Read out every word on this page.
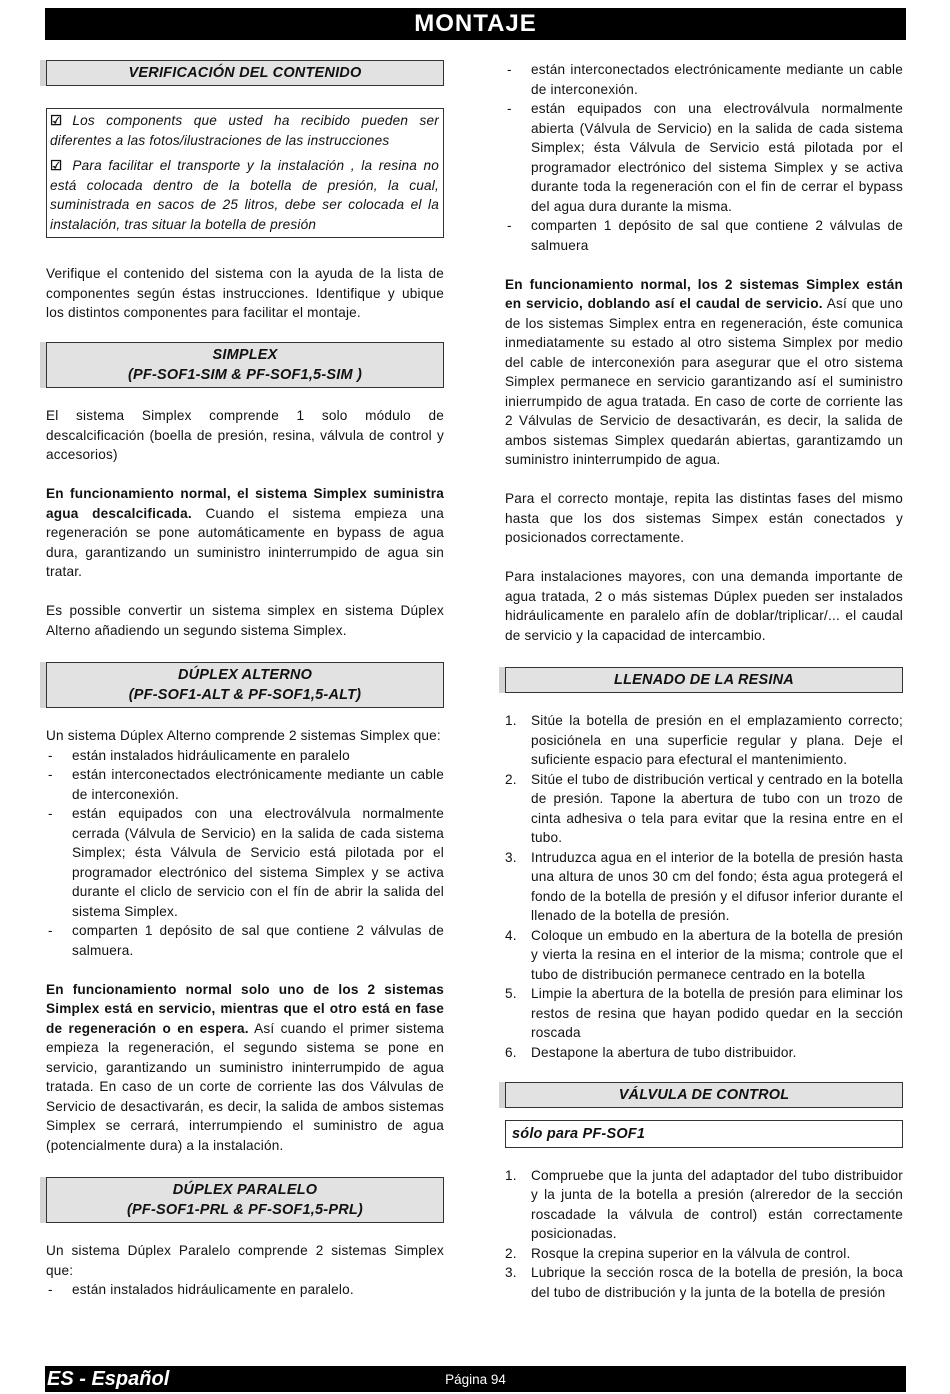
MONTAJE
VERIFICACIÓN DEL CONTENIDO

☑ Los components que usted ha recibido pueden ser diferentes a las fotos/ilustraciones de las instrucciones

☑ Para facilitar el transporte y la instalación , la resina no está colocada dentro de la botella de presión, la cual, suministrada en sacos de 25 litros, debe ser colocada el la instalación, tras situar la botella de presión

Verifique el contenido del sistema con la ayuda de la lista de componentes según éstas instrucciones. Identifique y ubique los distintos componentes para facilitar el montaje.

SIMPLEX
(PF-SOF1-SIM & PF-SOF1,5-SIM )

El sistema Simplex comprende 1 solo módulo de descalcificación (boella de presión, resina, válvula de control y accesorios)

En funcionamiento normal, el sistema Simplex suministra agua descalcificada. Cuando el sistema empieza una regeneración se pone automáticamente en bypass de agua dura, garantizando un suministro ininterrumpido de agua sin tratar.

Es possible convertir un sistema simplex en sistema Dúplex Alterno añadiendo un segundo sistema Simplex.

DÚPLEX ALTERNO
(PF-SOF1-ALT & PF-SOF1,5-ALT)
Un sistema Dúplex Alterno comprende 2 sistemas Simplex que:
- están instalados hidráulicamente en paralelo
- están interconectados electrónicamente mediante un cable de interconexión.
- están equipados con una electroválvula normalmente cerrada (Válvula de Servicio) en la salida de cada sistema Simplex; ésta Válvula de Servicio está pilotada por el programador electrónico del sistema Simplex y se activa durante el cliclo de servicio con el fín de abrir la salida del sistema Simplex.
- comparten 1 depósito de sal que contiene 2 válvulas de salmuera.

En funcionamiento normal solo uno de los 2 sistemas Simplex está en servicio, mientras que el otro está en fase de regeneración o en espera. Así cuando el primer sistema empieza la regeneración, el segundo sistema se pone en servicio, garantizando un suministro ininterrumpido de agua tratada. En caso de un corte de corriente las dos Válvulas de Servicio de desactivarán, es decir, la salida de ambos sistemas Simplex se cerrará, interrumpiendo el suministro de agua (potencialmente dura) a la instalación.

DÚPLEX PARALELO
(PF-SOF1-PRL & PF-SOF1,5-PRL)
Un sistema Dúplex Paralelo comprende 2 sistemas Simplex que:
- están instalados hidráulicamente en paralelo.
- están interconectados electrónicamente mediante un cable de interconexión.
- están equipados con una electroválvula normalmente abierta (Válvula de Servicio) en la salida de cada sistema Simplex; ésta Válvula de Servicio está pilotada por el programador electrónico del sistema Simplex y se activa durante toda la regeneración con el fin de cerrar el bypass del agua dura durante la misma.
- comparten 1 depósito de sal que contiene 2 válvulas de salmuera

En funcionamiento normal, los 2 sistemas Simplex están en servicio, doblando así el caudal de servicio. Así que uno de los sistemas Simplex entra en regeneración, éste comunica inmediatamente su estado al otro sistema Simplex por medio del cable de interconexión para asegurar que el otro sistema Simplex permanece en servicio garantizando así el suministro inierrumpido de agua tratada. En caso de corte de corriente las 2 Válvulas de Servicio de desactivarán, es decir, la salida de ambos sistemas Simplex quedarán abiertas, garantizamdo un suministro ininterrumpido de agua.

Para el correcto montaje, repita las distintas fases del mismo hasta que los dos sistemas Simpex están conectados y posicionados correctamente.

Para instalaciones mayores, con una demanda importante de agua tratada, 2 o más sistemas Dúplex pueden ser instalados hidráulicamente en paralelo afín de doblar/triplicar/... el caudal de servicio y la capacidad de intercambio.

LLENADO DE LA RESINA
1. Sitúe la botella de presión en el emplazamiento correcto; posiciónela en una superficie regular y plana. Deje el suficiente espacio para efectural el mantenimiento.
2. Sitúe el tubo de distribución vertical y centrado en la botella de presión. Tapone la abertura de tubo con un trozo de cinta adhesiva o tela para evitar que la resina entre en el tubo.
3. Intruduzca agua en el interior de la botella de presión hasta una altura de unos 30 cm del fondo; ésta agua protegerá el fondo de la botella de presión y el difusor inferior durante el llenado de la botella de presión.
4. Coloque un embudo en la abertura de la botella de presión y vierta la resina en el interior de la misma; controle que el tubo de distribución permanece centrado en la botella
5. Limpie la abertura de la botella de presión para eliminar los restos de resina que hayan podido quedar en la sección roscada
6. Destapone la abertura de tubo distribuidor.
VÁLVULA DE CONTROL
sólo para PF-SOF1
1. Compruebe que la junta del adaptador del tubo distribuidor y la junta de la botella a presión (alreredor de la sección roscadade la válvula de control) están correctamente posicionadas.
2. Rosque la crepina superior en la válvula de control.
3. Lubrique la sección rosca de la botella de presión, la boca del tubo de distribución y la junta de la botella de presión
Página 94
ES - Español
